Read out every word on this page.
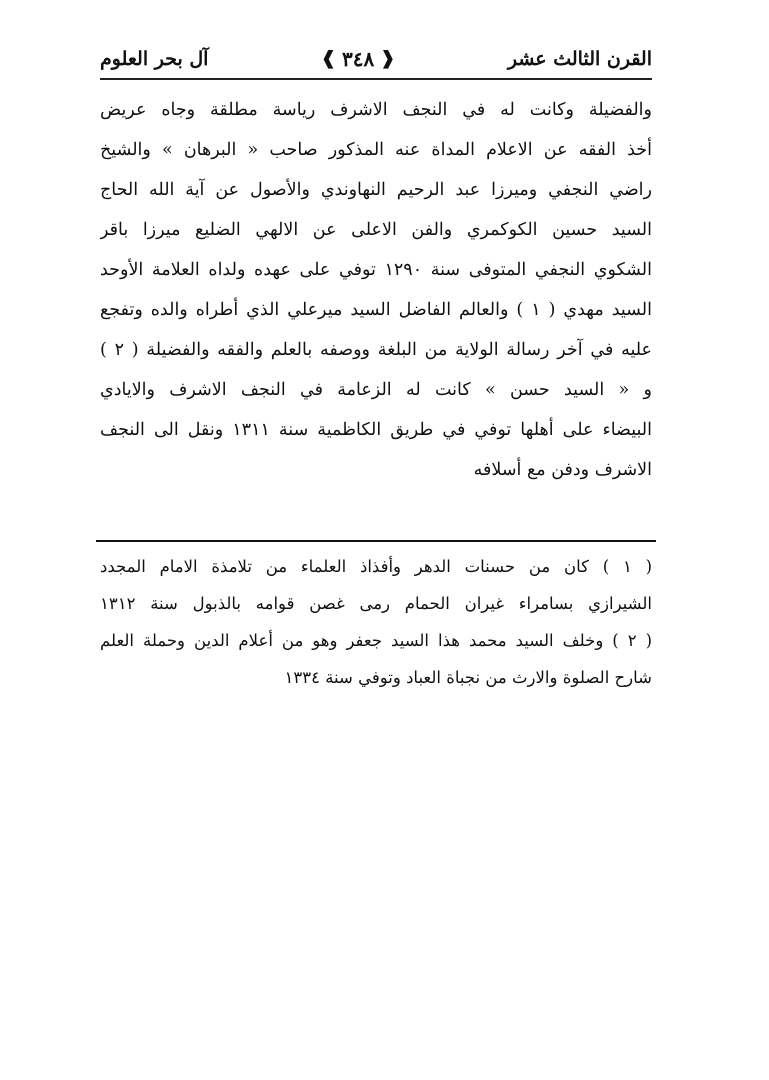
القرن الثالث عشر
❰
٣٤٨
❱
آل بحر العلوم
والفضيلة وكانت له في النجف الاشرف رياسة مطلقة وجاه عريض
أخذ الفقه عن الاعلام المداة عنه المذكور صاحب « البرهان » والشيخ
راضي النجفي وميرزا عبد الرحيم النهاوندي والأصول عن آية الله الحاج
السيد حسين الكوكمري والفن الاعلى عن الالهي الضليع ميرزا باقر
الشكوي النجفي المتوفى سنة ١٢٩٠ توفي على عهده ولداه العلامة الأوحد
السيد مهدي ( ١ ) والعالم الفاضل السيد ميرعلي الذي أطراه والده وتفجع
عليه في آخر رسالة الولاية من البلغة ووصفه بالعلم والفقه والفضيلة ( ٢ )
و « السيد حسن » كانت له الزعامة في النجف الاشرف والايادي
البيضاء على أهلها توفي في طريق الكاظمية سنة ١٣١١ ونقل الى النجف
الاشرف ودفن مع أسلافه
( ١ ) كان من حسنات الدهر وأفذاذ العلماء من تلامذة الامام المجدد
الشيرازي بسامراء غيران الحمام رمى غصن قوامه بالذبول سنة ١٣١٢
( ٢ ) وخلف السيد محمد هذا السيد جعفر وهو من أعلام الدين وحملة العلم
شارح الصلوة والارث من نجباة العباد وتوفي سنة ١٣٣٤
